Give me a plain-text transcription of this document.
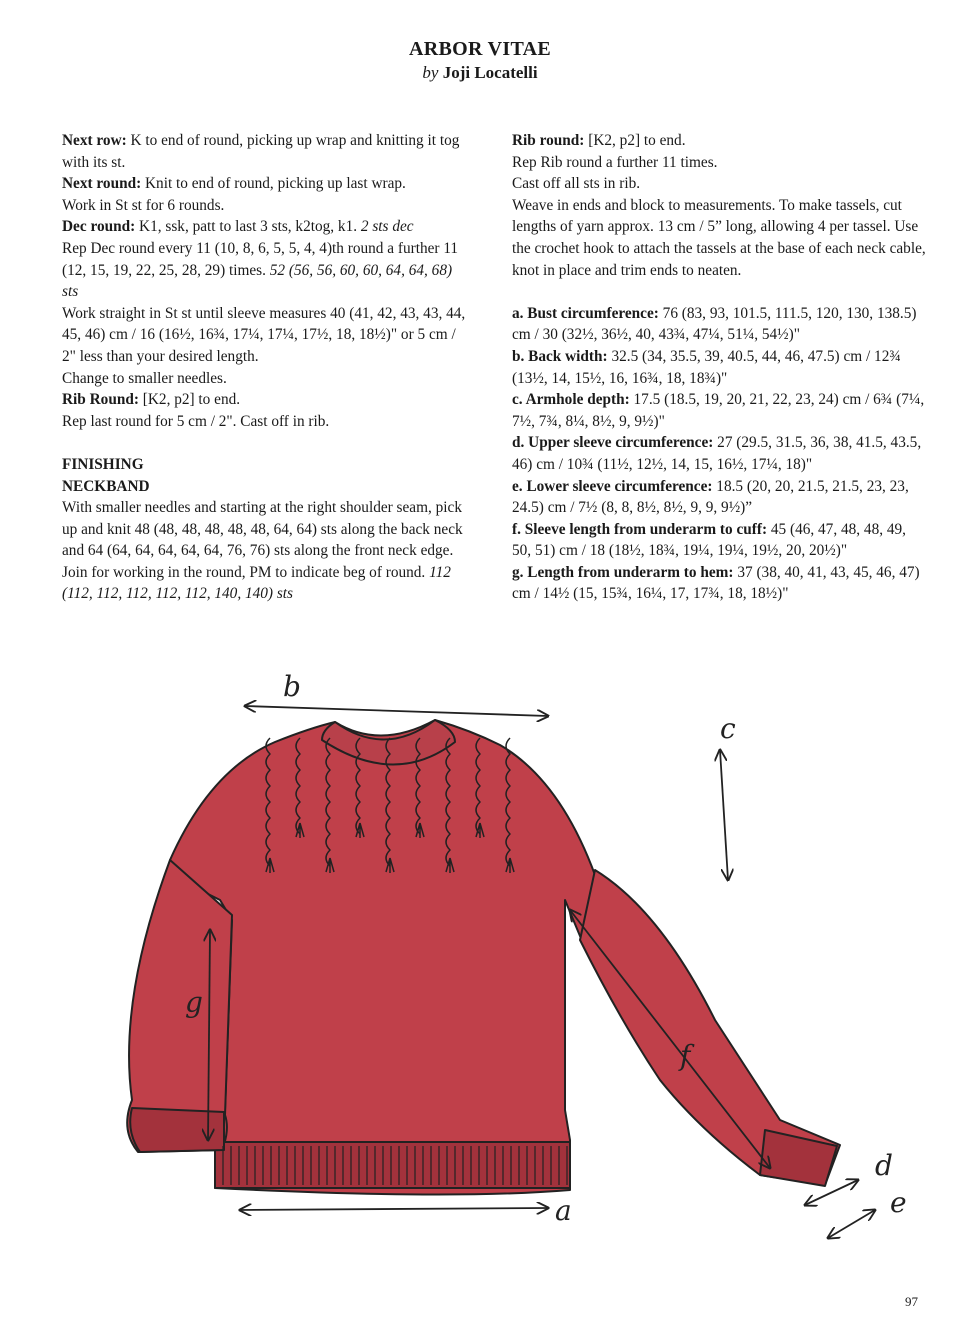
ARBOR VITAE
by Joji Locatelli

Next row: K to end of round, picking up wrap and knitting it tog with its st.

Next round: Knit to end of round, picking up last wrap.

Work in St st for 6 rounds.

Dec round: K1, ssk, patt to last 3 sts, k2tog, k1. 2 sts dec

Rep Dec round every 11 (10, 8, 6, 5, 5, 4, 4)th round a further 11 (12, 15, 19, 22, 25, 28, 29) times. 52 (56, 56, 60, 60, 64, 64, 68) sts

Work straight in St st until sleeve measures 40 (41, 42, 43, 43, 44, 45, 46) cm / 16 (16½, 16¾, 17¼, 17¼, 17½, 18, 18½)" or 5 cm / 2" less than your desired length.

Change to smaller needles.

Rib Round: [K2, p2] to end.

Rep last round for 5 cm / 2". Cast off in rib.

FINISHING

NECKBAND

With smaller needles and starting at the right shoulder seam, pick up and knit 48 (48, 48, 48, 48, 48, 64, 64) sts along the back neck and 64 (64, 64, 64, 64, 64, 76, 76) sts along the front neck edge. Join for working in the round, PM to indicate beg of round. 112 (112, 112, 112, 112, 112, 140, 140) sts

Rib round: [K2, p2] to end.

Rep Rib round a further 11 times.

Cast off all sts in rib.

Weave in ends and block to measurements. To make tassels, cut lengths of yarn approx. 13 cm / 5” long, allowing 4 per tassel. Use the crochet hook to attach the tassels at the base of each neck cable, knot in place and trim ends to neaten.

a. Bust circumference: 76 (83, 93, 101.5, 111.5, 120, 130, 138.5) cm / 30 (32½, 36½, 40, 43¾, 47¼, 51¼, 54½)"

b. Back width: 32.5 (34, 35.5, 39, 40.5, 44, 46, 47.5) cm / 12¾ (13½, 14, 15½, 16, 16¾, 18, 18¾)"

c. Armhole depth: 17.5 (18.5, 19, 20, 21, 22, 23, 24) cm / 6¾ (7¼, 7½, 7¾, 8¼, 8½, 9, 9½)"

d. Upper sleeve circumference: 27 (29.5, 31.5, 36, 38, 41.5, 43.5, 46) cm / 10¾ (11½, 12½, 14, 15, 16½, 17¼, 18)"

e. Lower sleeve circumference: 18.5 (20, 20, 21.5, 21.5, 23, 23, 24.5) cm / 7½ (8, 8, 8½, 8½, 9, 9, 9½)”

f. Sleeve length from underarm to cuff: 45 (46, 47, 48, 48, 49, 50, 51) cm / 18 (18½, 18¾, 19¼, 19¼, 19½, 20, 20½)"

g. Length from underarm to hem: 37 (38, 40, 41, 43, 45, 46, 47) cm / 14½ (15, 15¾, 16¼, 17, 17¾, 18, 18½)"

b
c
g
a
f
d
e
97
